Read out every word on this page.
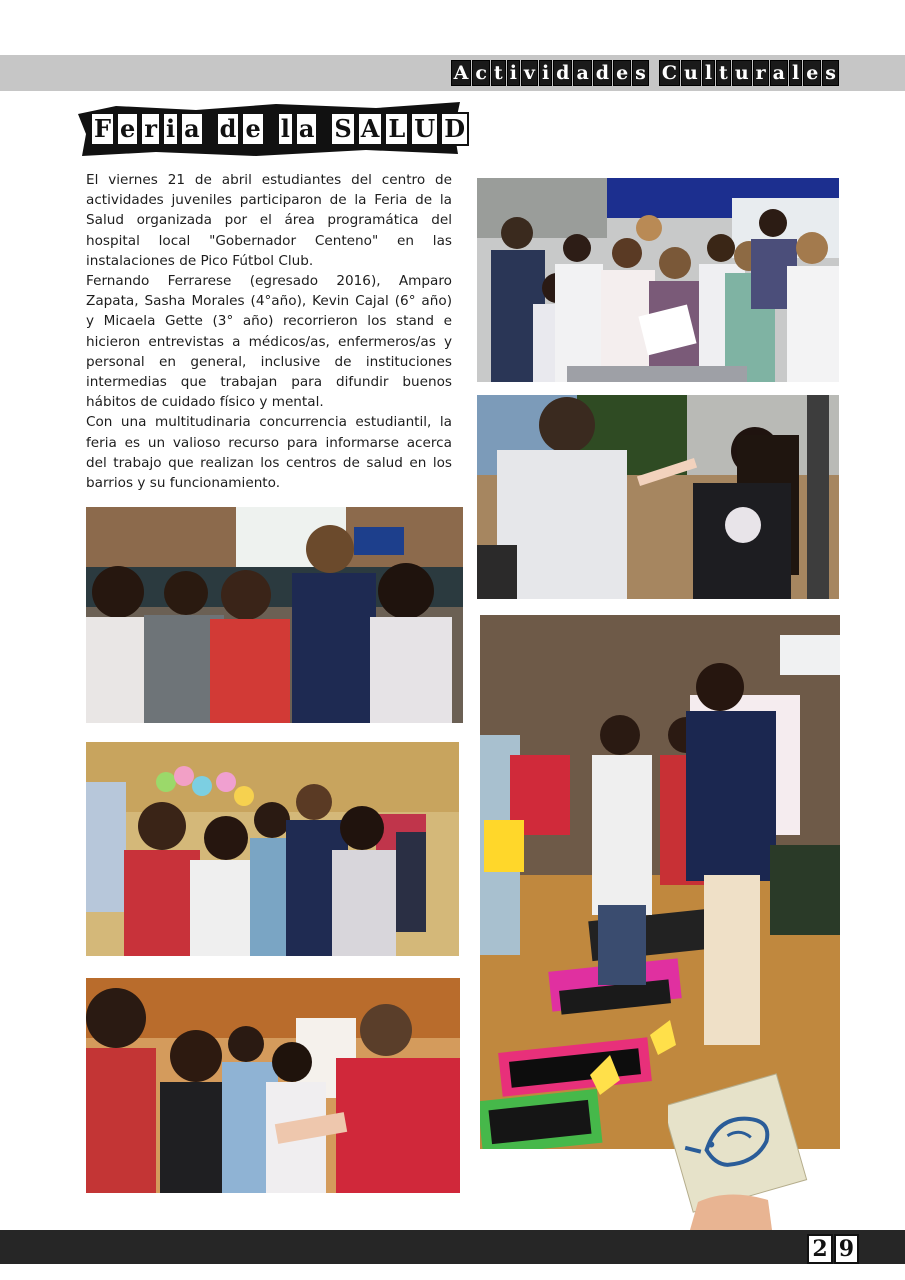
A c t i v i d a d e s C u l t u r a l e s
F e r i a d e l a S A L U D

El viernes 21 de abril estudiantes del centro de actividades juveniles participaron de la Feria de la Salud organizada por el área programática del hospital local "Gobernador Centeno" en las instalaciones de Pico Fútbol Club.

Fernando Ferrarese (egresado 2016), Amparo Zapata, Sasha Morales (4°año), Kevin Cajal (6° año) y Micaela Gette (3° año) recorrieron los stand e hicieron entrevistas a médicos/as, enfermeros/as y personal en general, inclusive de instituciones intermedias que trabajan para difundir buenos hábitos de cuidado físico y mental.

Con una multitudinaria concurrencia estudiantil, la feria es un valioso recurso para informarse acerca del trabajo que realizan los centros de salud en los barrios y su funcionamiento.

2 9
